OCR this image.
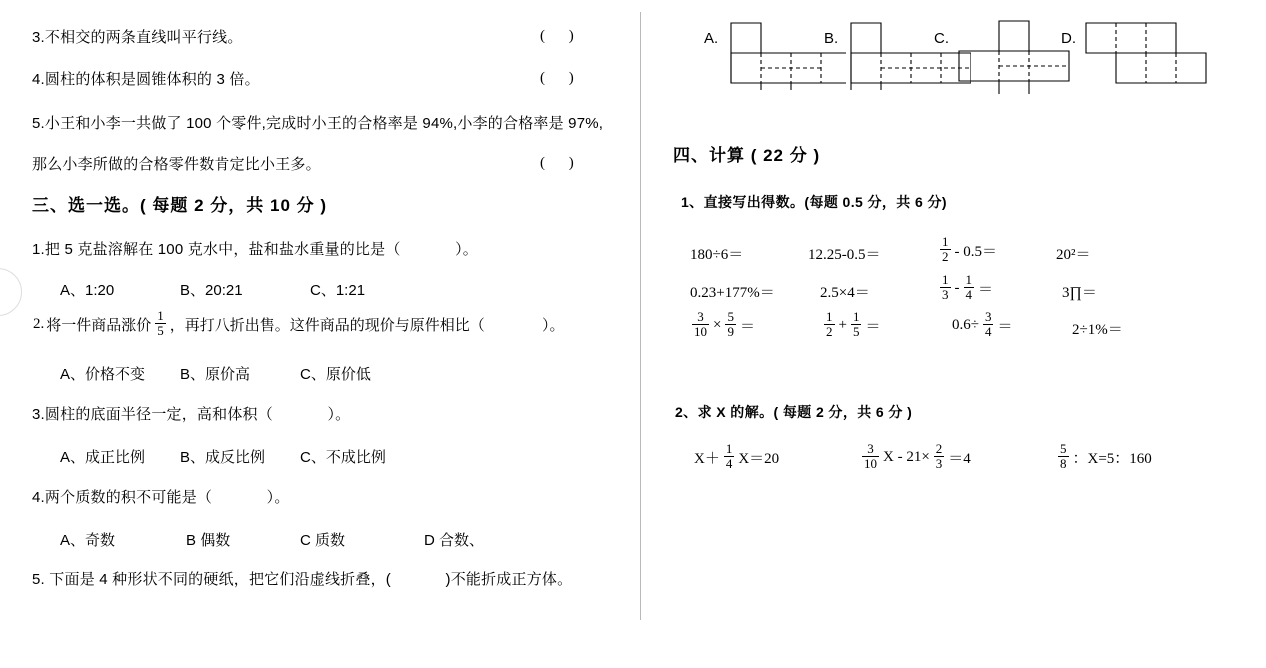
3.不相交的两条直线叫平行线。	( )
4.圆柱的体积是圆锥体积的 3 倍。	( )
5.小王和小李一共做了 100 个零件,完成时小王的合格率是 94%,小李的合格率是 97%,
那么小李所做的合格零件数肯定比小王多。	( )
三、选一选。( 每题 2 分，共 10 分 )
1.把 5 克盐溶解在 100 克水中，盐和盐水重量的比是（	）。
A、1:20	B、20:21	C、1:21
2. 将一件商品涨价 $\frac{1}{5}$ ，再打八折出售。这件商品的现价与原件相比（
	）。
A、价格不变 B、原价高	C、原价低
3.圆柱的底面半径一定，高和体积（	）。
A、成正比例 B、成反比例 C、不成比例
4.两个质数的积不可能是（	）。
A、奇数	B 偶数	C 质数	D 合数、
5. 下面是 4 种形状不同的硬纸，把它们沿虚线折叠，(	)不能折成正方体。
A.	B.	C.	D.
四、计算 ( 22 分 )
1、直接写出得数。(每题 0.5 分，共 6 分)
180÷6＝	12.25-0.5＝	$\frac{1}{2} - 0.5=$	20²＝
0.23+177%＝	2.5×4＝	$\frac{1}{3} - \frac{1}{4}$ ＝	3∏＝
$\frac{3}{10} \times \frac{5}{9}$ ＝	$\frac{1}{2} + \frac{1}{5}$ ＝	$0.6\div \frac{3}{4}$ ＝	2÷1%＝
2、求 X 的解。( 每题 2 分，共 6 分 )
$X+ \frac{1}{4} X=20$	$\frac{3}{10}$ $X - 21\times \frac{2}{3} =4$	$\frac{5}{8}$ ：X=5：160
